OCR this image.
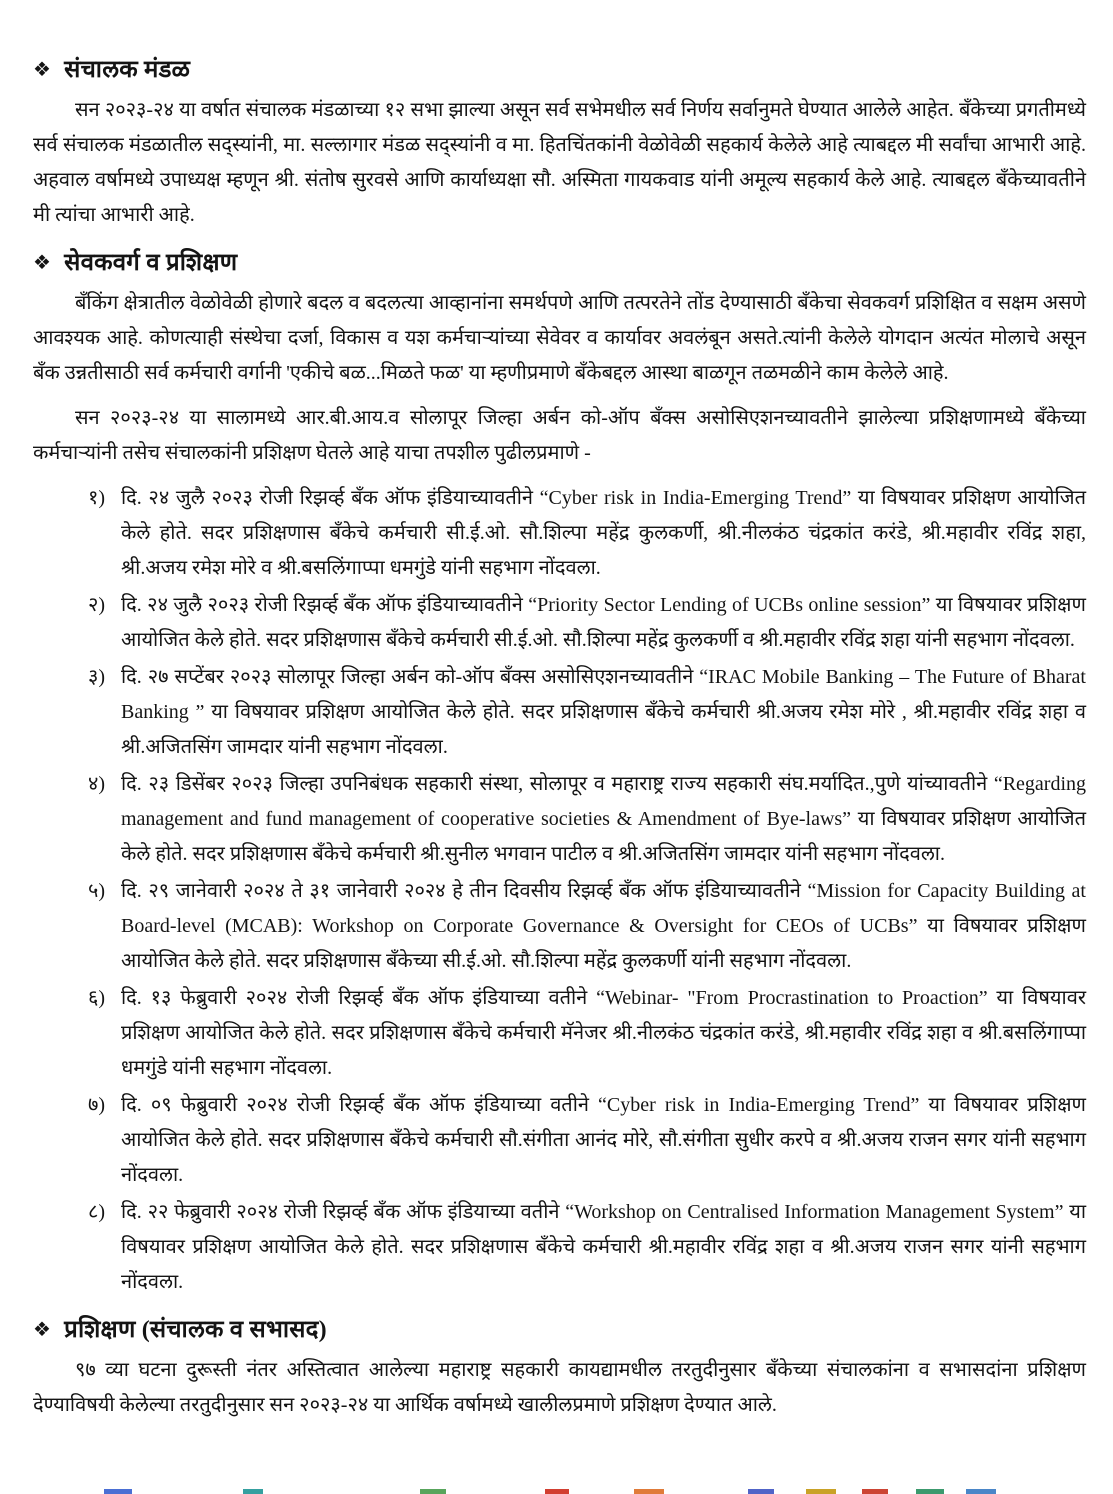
❖ संचालक मंडळ

सन २०२३-२४ या वर्षात संचालक मंडळाच्या १२ सभा झाल्या असून सर्व सभेमधील सर्व निर्णय सर्वानुमते घेण्यात आलेले आहेत. बँकेच्या प्रगतीमध्ये सर्व संचालक मंडळातील सद्स्यांनी, मा. सल्लागार मंडळ सद्स्यांनी व मा. हितचिंतकांनी वेळोवेळी सहकार्य केलेले आहे त्याबद्दल मी सर्वांचा आभारी आहे. अहवाल वर्षामध्ये उपाध्यक्ष म्हणून श्री. संतोष सुरवसे आणि कार्याध्यक्षा सौ. अस्मिता गायकवाड यांनी अमूल्य सहकार्य केले आहे. त्याबद्दल बँकेच्यावतीने मी त्यांचा आभारी आहे.

❖ सेवकवर्ग व प्रशिक्षण

बँकिंग क्षेत्रातील वेळोवेळी होणारे बदल व बदलत्या आव्हानांना समर्थपणे आणि तत्परतेने तोंड देण्यासाठी बँकेचा सेवकवर्ग प्रशिक्षित व सक्षम असणे आवश्यक आहे. कोणत्याही संस्थेचा दर्जा, विकास व यश कर्मचाऱ्यांच्या सेवेवर व कार्यावर अवलंबून असते.त्यांनी केलेले योगदान अत्यंत मोलाचे असून बँक उन्नतीसाठी सर्व कर्मचारी वर्गानी 'एकीचे बळ...मिळते फळ' या म्हणीप्रमाणे बँकेबद्दल आस्था बाळगून तळमळीने काम केलेले आहे.

सन २०२३-२४ या सालामध्ये आर.बी.आय.व सोलापूर जिल्हा अर्बन को-ऑप बँक्स असोसिएशनच्यावतीने झालेल्या प्रशिक्षणामध्ये बँकेच्या कर्मचाऱ्यांनी तसेच संचालकांनी प्रशिक्षण घेतले आहे याचा तपशील पुढीलप्रमाणे -

१) दि. २४ जुलै २०२३ रोजी रिझर्व्ह बँक ऑफ इंडियाच्यावतीने “Cyber risk in India-Emerging Trend” या विषयावर प्रशिक्षण आयोजित केले होते. सदर प्रशिक्षणास बँकेचे कर्मचारी सी.ई.ओ. सौ.शिल्पा महेंद्र कुलकर्णी, श्री.नीलकंठ चंद्रकांत करंडे, श्री.महावीर रविंद्र शहा, श्री.अजय रमेश मोरे व श्री.बसलिंगाप्पा धमगुंडे यांनी सहभाग नोंदवला.
२) दि. २४ जुलै २०२३ रोजी रिझर्व्ह बँक ऑफ इंडियाच्यावतीने “Priority Sector Lending of UCBs online session” या विषयावर प्रशिक्षण आयोजित केले होते. सदर प्रशिक्षणास बँकेचे कर्मचारी सी.ई.ओ. सौ.शिल्पा महेंद्र कुलकर्णी व श्री.महावीर रविंद्र शहा यांनी सहभाग नोंदवला.
३) दि. २७ सप्टेंबर २०२३ सोलापूर जिल्हा अर्बन को-ऑप बँक्स असोसिएशनच्यावतीने “IRAC Mobile Banking – The Future of Bharat Banking ” या विषयावर प्रशिक्षण आयोजित केले होते. सदर प्रशिक्षणास बँकेचे कर्मचारी श्री.अजय रमेश मोरे , श्री.महावीर रविंद्र शहा व श्री.अजितसिंग जामदार यांनी सहभाग नोंदवला.
४) दि. २३ डिसेंबर २०२३ जिल्हा उपनिबंधक सहकारी संस्था, सोलापूर व महाराष्ट्र राज्य सहकारी संघ.मर्यादित.,पुणे यांच्यावतीने “Regarding management and fund management of cooperative societies & Amendment of Bye-laws” या विषयावर प्रशिक्षण आयोजित केले होते. सदर प्रशिक्षणास बँकेचे कर्मचारी श्री.सुनील भगवान पाटील व श्री.अजितसिंग जामदार यांनी सहभाग नोंदवला.
५) दि. २९ जानेवारी २०२४ ते ३१ जानेवारी २०२४ हे तीन दिवसीय रिझर्व्ह बँक ऑफ इंडियाच्यावतीने “Mission for Capacity Building at Board-level (MCAB): Workshop on Corporate Governance & Oversight for CEOs of UCBs” या विषयावर प्रशिक्षण आयोजित केले होते. सदर प्रशिक्षणास बँकेच्या सी.ई.ओ. सौ.शिल्पा महेंद्र कुलकर्णी यांनी सहभाग नोंदवला.
६) दि. १३ फेब्रुवारी २०२४ रोजी रिझर्व्ह बँक ऑफ इंडियाच्या वतीने “Webinar- "From Procrastination to Proaction” या विषयावर प्रशिक्षण आयोजित केले होते. सदर प्रशिक्षणास बँकेचे कर्मचारी मॅनेजर श्री.नीलकंठ चंद्रकांत करंडे, श्री.महावीर रविंद्र शहा व श्री.बसलिंगाप्पा धमगुंडे यांनी सहभाग नोंदवला.
७) दि. ०९ फेब्रुवारी २०२४ रोजी रिझर्व्ह बँक ऑफ इंडियाच्या वतीने “Cyber risk in India-Emerging Trend” या विषयावर प्रशिक्षण आयोजित केले होते. सदर प्रशिक्षणास बँकेचे कर्मचारी सौ.संगीता आनंद मोरे, सौ.संगीता सुधीर करपे व श्री.अजय राजन सगर यांनी सहभाग नोंदवला.
८) दि. २२ फेब्रुवारी २०२४ रोजी रिझर्व्ह बँक ऑफ इंडियाच्या वतीने “Workshop on Centralised Information Management System” या विषयावर प्रशिक्षण आयोजित केले होते. सदर प्रशिक्षणास बँकेचे कर्मचारी श्री.महावीर रविंद्र शहा व श्री.अजय राजन सगर यांनी सहभाग नोंदवला.
❖ प्रशिक्षण (संचालक व सभासद)

९७ व्या घटना दुरूस्ती नंतर अस्तित्वात आलेल्या महाराष्ट्र सहकारी कायद्यामधील तरतुदीनुसार बँकेच्या संचालकांना व सभासदांना प्रशिक्षण देण्याविषयी केलेल्या तरतुदीनुसार सन २०२३-२४ या आर्थिक वर्षामध्ये खालीलप्रमाणे प्रशिक्षण देण्यात आले.
